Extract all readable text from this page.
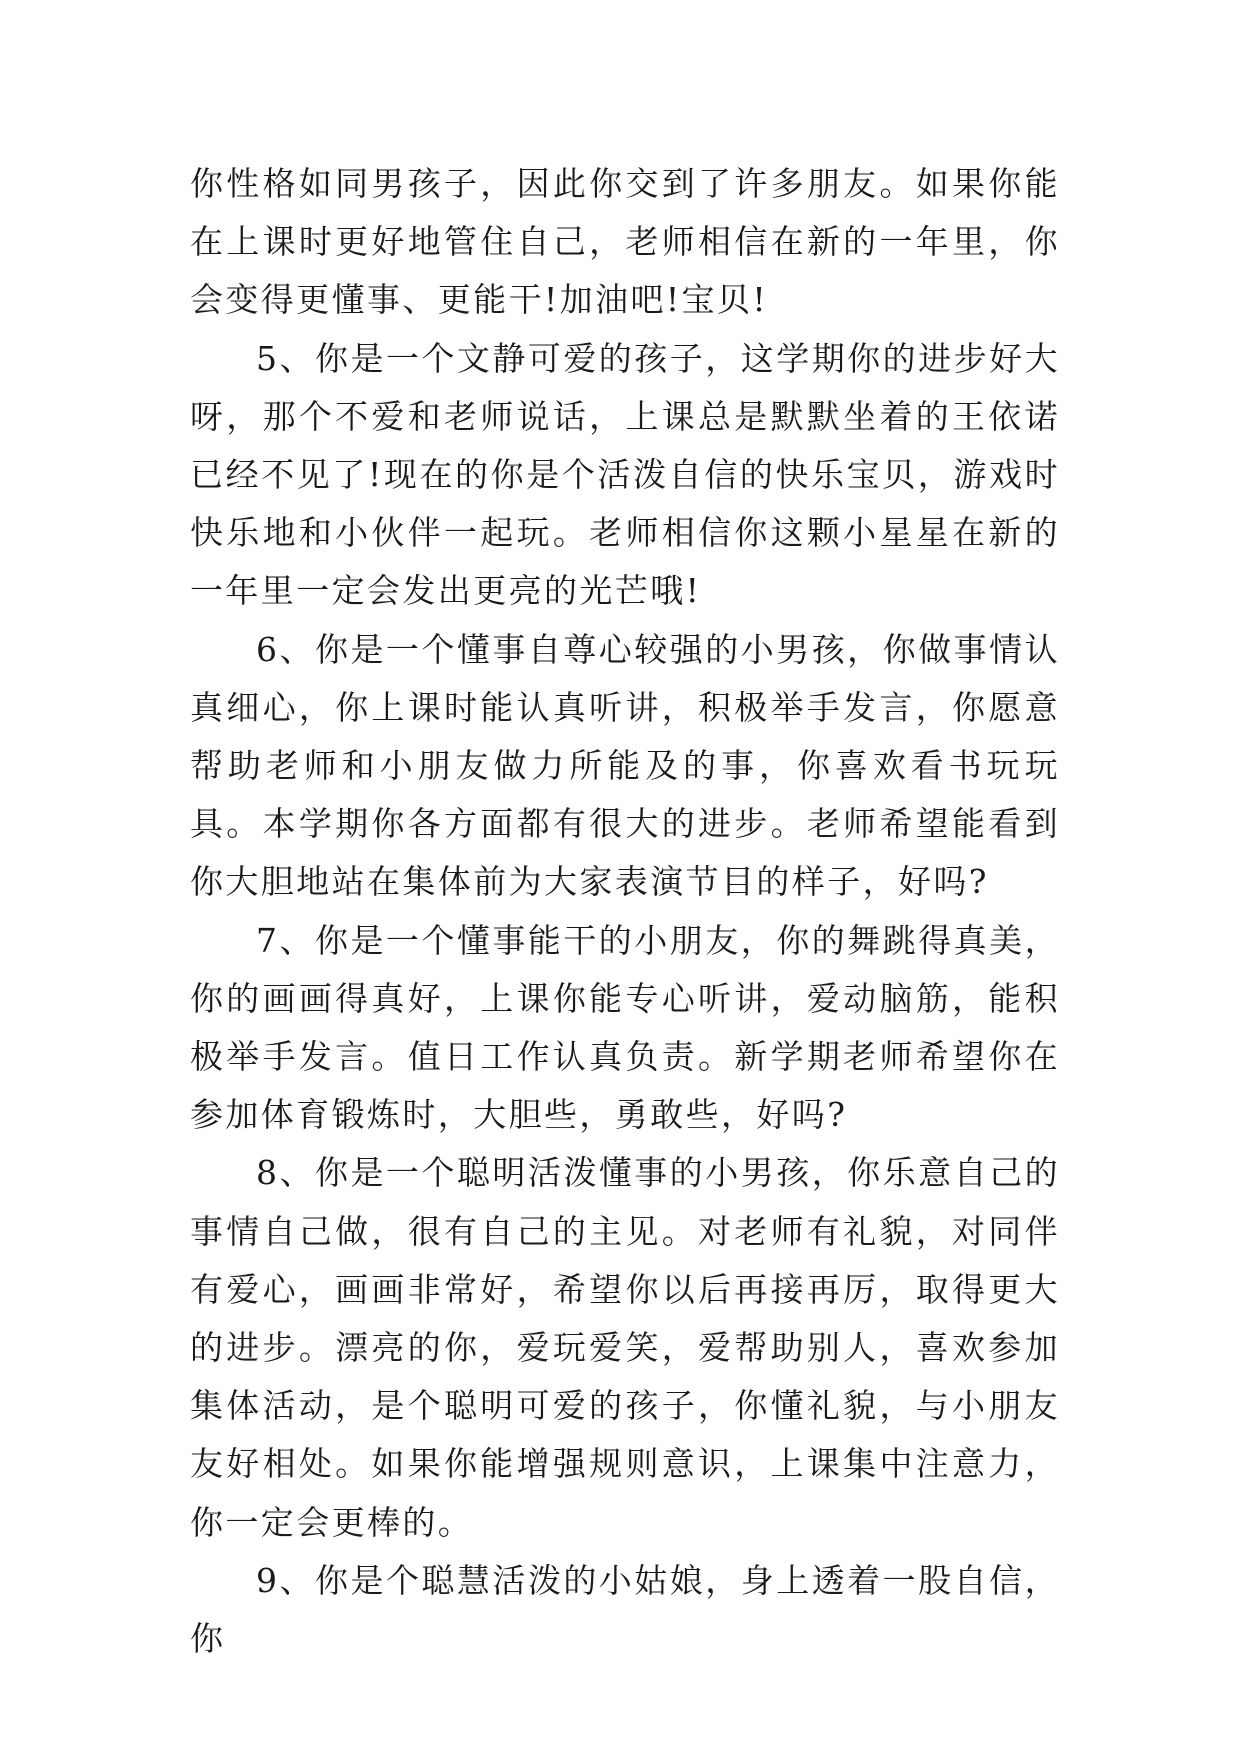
你性格如同男孩子，因此你交到了许多朋友。如果你能在上课时更好地管住自己，老师相信在新的一年里，你会变得更懂事、更能干!加油吧!宝贝!

5、你是一个文静可爱的孩子，这学期你的进步好大呀，那个不爱和老师说话，上课总是默默坐着的王依诺已经不见了!现在的你是个活泼自信的快乐宝贝，游戏时快乐地和小伙伴一起玩。老师相信你这颗小星星在新的一年里一定会发出更亮的光芒哦!

6、你是一个懂事自尊心较强的小男孩，你做事情认真细心，你上课时能认真听讲，积极举手发言，你愿意帮助老师和小朋友做力所能及的事，你喜欢看书玩玩具。本学期你各方面都有很大的进步。老师希望能看到你大胆地站在集体前为大家表演节目的样子，好吗?

7、你是一个懂事能干的小朋友，你的舞跳得真美，你的画画得真好，上课你能专心听讲，爱动脑筋，能积极举手发言。值日工作认真负责。新学期老师希望你在参加体育锻炼时，大胆些，勇敢些，好吗?

8、你是一个聪明活泼懂事的小男孩，你乐意自己的事情自己做，很有自己的主见。对老师有礼貌，对同伴有爱心，画画非常好，希望你以后再接再厉，取得更大的进步。漂亮的你，爱玩爱笑，爱帮助别人，喜欢参加集体活动，是个聪明可爱的孩子，你懂礼貌，与小朋友友好相处。如果你能增强规则意识，上课集中注意力，你一定会更棒的。

9、你是个聪慧活泼的小姑娘，身上透着一股自信，你
